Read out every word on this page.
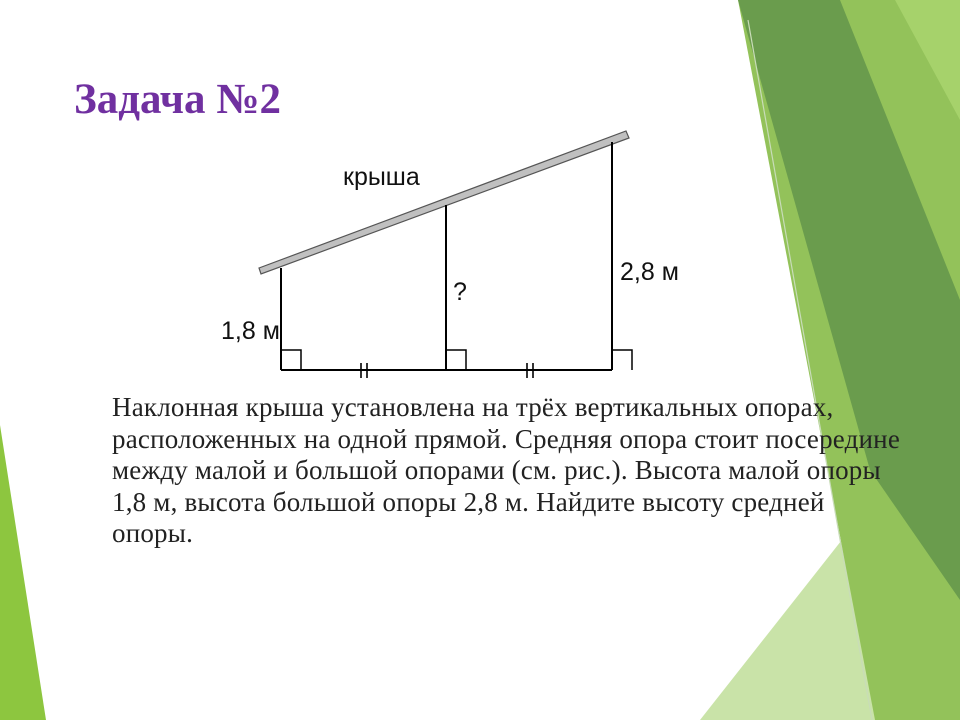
Задача №2
крыша
1,8 м
?
2,8 м

Наклонная крыша установлена на трёх вертикальных опорах, расположенных на одной прямой. Средняя опора стоит посередине между малой и большой опорами (см. рис.). Высота малой опоры 1,8 м, высота большой опоры 2,8 м. Найдите высоту средней опоры.
